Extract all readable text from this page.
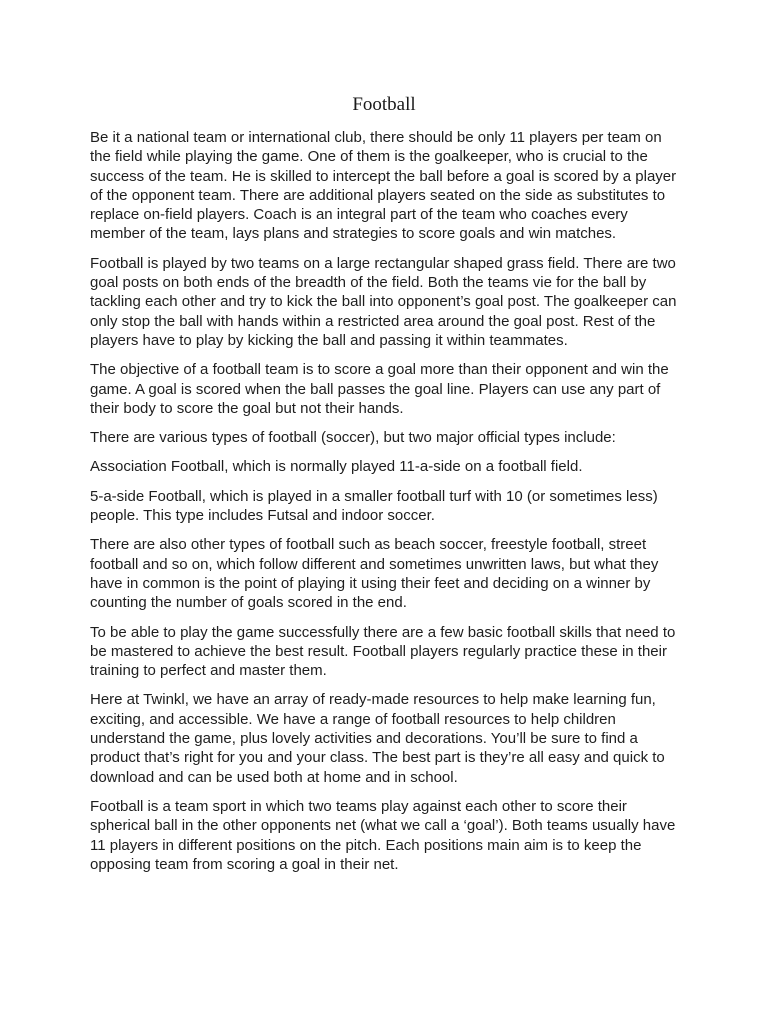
Football

Be it a national team or international club, there should be only 11 players per team on the field while playing the game. One of them is the goalkeeper, who is crucial to the success of the team. He is skilled to intercept the ball before a goal is scored by a player of the opponent team. There are additional players seated on the side as substitutes to replace on-field players. Coach is an integral part of the team who coaches every member of the team, lays plans and strategies to score goals and win matches.

Football is played by two teams on a large rectangular shaped grass field. There are two goal posts on both ends of the breadth of the field. Both the teams vie for the ball by tackling each other and try to kick the ball into opponent’s goal post. The goalkeeper can only stop the ball with hands within a restricted area around the goal post. Rest of the players have to play by kicking the ball and passing it within teammates.

The objective of a football team is to score a goal more than their opponent and win the game. A goal is scored when the ball passes the goal line. Players can use any part of their body to score the goal but not their hands.

There are various types of football (soccer), but two major official types include:

Association Football, which is normally played 11-a-side on a football field.

5-a-side Football, which is played in a smaller football turf with 10 (or sometimes less) people. This type includes Futsal and indoor soccer.

There are also other types of football such as beach soccer, freestyle football, street football and so on, which follow different and sometimes unwritten laws, but what they have in common is the point of playing it using their feet and deciding on a winner by counting the number of goals scored in the end.

To be able to play the game successfully there are a few basic football skills that need to be mastered to achieve the best result. Football players regularly practice these in their training to perfect and master them.

Here at Twinkl, we have an array of ready-made resources to help make learning fun, exciting, and accessible. We have a range of football resources to help children understand the game, plus lovely activities and decorations. You’ll be sure to find a product that’s right for you and your class. The best part is they’re all easy and quick to download and can be used both at home and in school.

Football is a team sport in which two teams play against each other to score their spherical ball in the other opponents net (what we call a ‘goal’). Both teams usually have 11 players in different positions on the pitch. Each positions main aim is to keep the opposing team from scoring a goal in their net.
